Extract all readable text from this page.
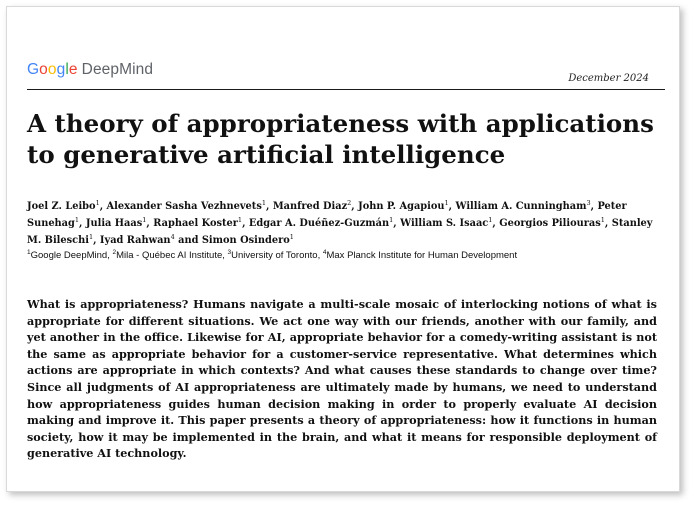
Google DeepMind
December 2024
A theory of appropriateness with applications
to generative artificial intelligence
Joel Z. Leibo$^1$, Alexander Sasha Vezhnevets$^1$, Manfred Diaz$^2$, John P. Agapiou$^1$, William A. Cunningham$^3$, Peter Sunehag$^1$, Julia Haas$^1$, Raphael Koster$^1$, Edgar A. Duéñez-Guzmán$^1$, William S. Isaac$^1$, Georgios Piliouras$^1$, Stanley M. Bileschi$^1$, Iyad Rahwan$^4$ and Simon Osindero$^1$
$^1$Google DeepMind, $^2$Mila - Québec AI Institute, $^3$University of Toronto, $^4$Max Planck Institute for Human Development

What is appropriateness? Humans navigate a multi-scale mosaic of interlocking notions of what is appropriate for different situations. We act one way with our friends, another with our family, and yet another in the office. Likewise for AI, appropriate behavior for a comedy-writing assistant is not the same as appropriate behavior for a customer-service representative. What determines which actions are appropriate in which contexts? And what causes these standards to change over time? Since all judgments of AI appropriateness are ultimately made by humans, we need to understand how appropriateness guides human decision making in order to properly evaluate AI decision making and improve it. This paper presents a theory of appropriateness: how it functions in human society, how it may be implemented in the brain, and what it means for responsible deployment of generative AI technology.
